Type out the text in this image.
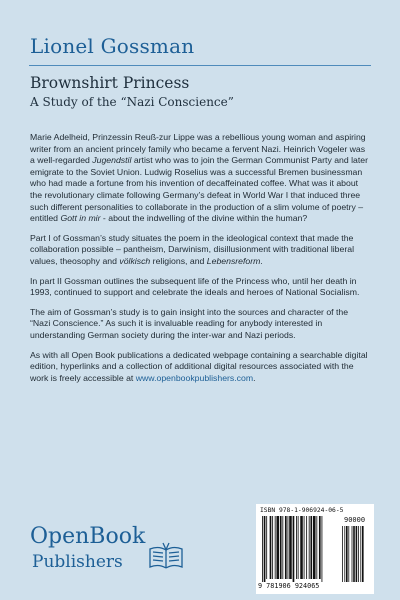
Lionel Gossman
Brownshirt Princess
A Study of the “Nazi Conscience”

Marie Adelheid, Prinzessin Reuß-zur Lippe was a rebellious young woman and aspiring writer from an ancient princely family who became a fervent Nazi. Heinrich Vogeler was a well-regarded Jugendstil artist who was to join the German Communist Party and later emigrate to the Soviet Union. Ludwig Roselius was a successful Bremen businessman who had made a fortune from his invention of decaffeinated coffee. What was it about the revolutionary climate following Germany’s defeat in World War I that induced three such different personalities to collaborate in the production of a slim volume of poetry – entitled Gott in mir - about the indwelling of the divine within the human?

Part I of Gossman’s study situates the poem in the ideological context that made the collaboration possible – pantheism, Darwinism, disillusionment with traditional liberal values, theosophy and völkisch religions, and Lebensreform.

In part II Gossman outlines the subsequent life of the Princess who, until her death in 1993, continued to support and celebrate the ideals and heroes of National Socialism.

The aim of Gossman’s study is to gain insight into the sources and character of the “Nazi Conscience.” As such it is invaluable reading for anybody interested in understanding German society during the inter-war and Nazi periods.

As with all Open Book publications a dedicated webpage containing a searchable digital edition, hyperlinks and a collection of additional digital resources associated with the work is freely accessible at www.openbookpublishers.com.

OpenBook
Publishers
ISBN 978-1-906924-06-5
90000
9 781906 924065
